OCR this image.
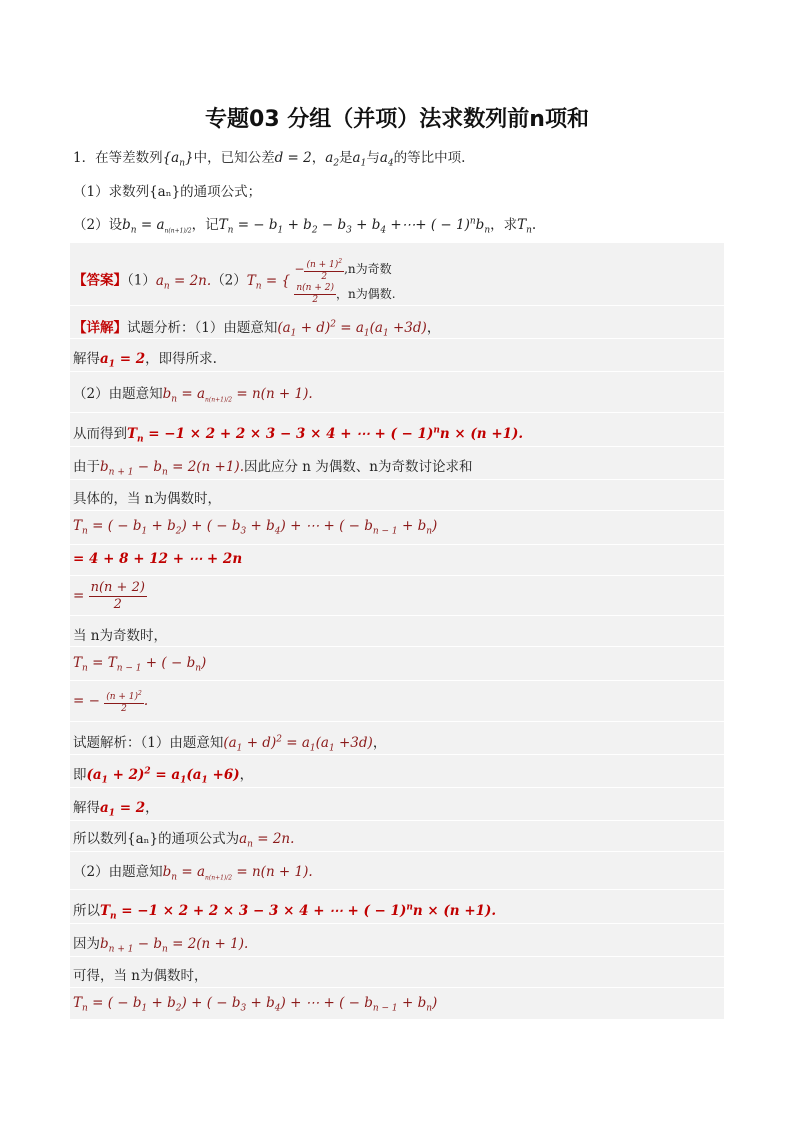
专题03 分组（并项）法求数列前n项和
1．在等差数列$\{a_n\}$中，已知公差d = 2，$a_2$是$a_1$与$a_4$的等比中项.
（1）求数列{aₙ}的通项公式；
（2）设$b_n = a_{n(n+1)/2}$，记$T_n$ = − $b_1 + b_2 - b_3 + b_4$ +⋯+ ( − $1)^nb_n$，求$T_n$.
【答案】$(1)a_n = 2n.(2)T_n$ = {
− $\frac{(n + 1)^2}{2} ,n$为奇数
$\frac{n(n + 2)}{2}$ ，n为偶数.
【详解】试题分析：（1）由题意知$(a_1 + d)^2 = a_1(a_1 +3d)$，
解得$a_1 = 2$，即得所求.
（2）由题意知$b_n = a_{n(n+1)/2} = n(n + 1)$.
从而得到$T_n = -1 \times 2 + 2 \times 3 - 3 \times 4$ + ⋯ + ( − 1)$^n$n × (n +1).
由于$b_{n + 1} - b_n = 2(n +1)$.因此应分 n 为偶数、n为奇数讨论求和
具体的，当 n为偶数时，
$T_n$ = ( − $b_1 + b_2$) + ( − $b_3 + b_4$) + ⋯ + ( − $b_{n - 1} + b_n$)
= 4 + 8 + 12 + ⋯ + 2n
= $\frac{n(n + 2)}{2}$
当 n为奇数时，
$T_n = T_{n - 1}$ + ( − $b_n$)
= − $\frac{(n + 1)^2}{2}$ .
试题解析：（1）由题意知$(a_1 + d)^2 = a_1(a_1 +3d)$，
即$(a_1 + 2)^2 = a_1(a_1 +6)$，
解得$a_1 = 2$，
所以数列{aₙ}的通项公式为$a_n = 2n$.
（2）由题意知$b_n = a_{n(n+1)/2} = n(n + 1)$.
所以$T_n = -1 \times 2 + 2 \times 3 - 3 \times 4$ + ⋯ + ( − 1)$^n$n × (n +1).
因为$b_{n + 1} - b_n = 2(n + 1)$.
可得，当 n为偶数时，
$T_n$ = ( − $b_1 + b_2$) + ( − $b_3 + b_4$) + ⋯ + ( − $b_{n - 1} + b_n$)
